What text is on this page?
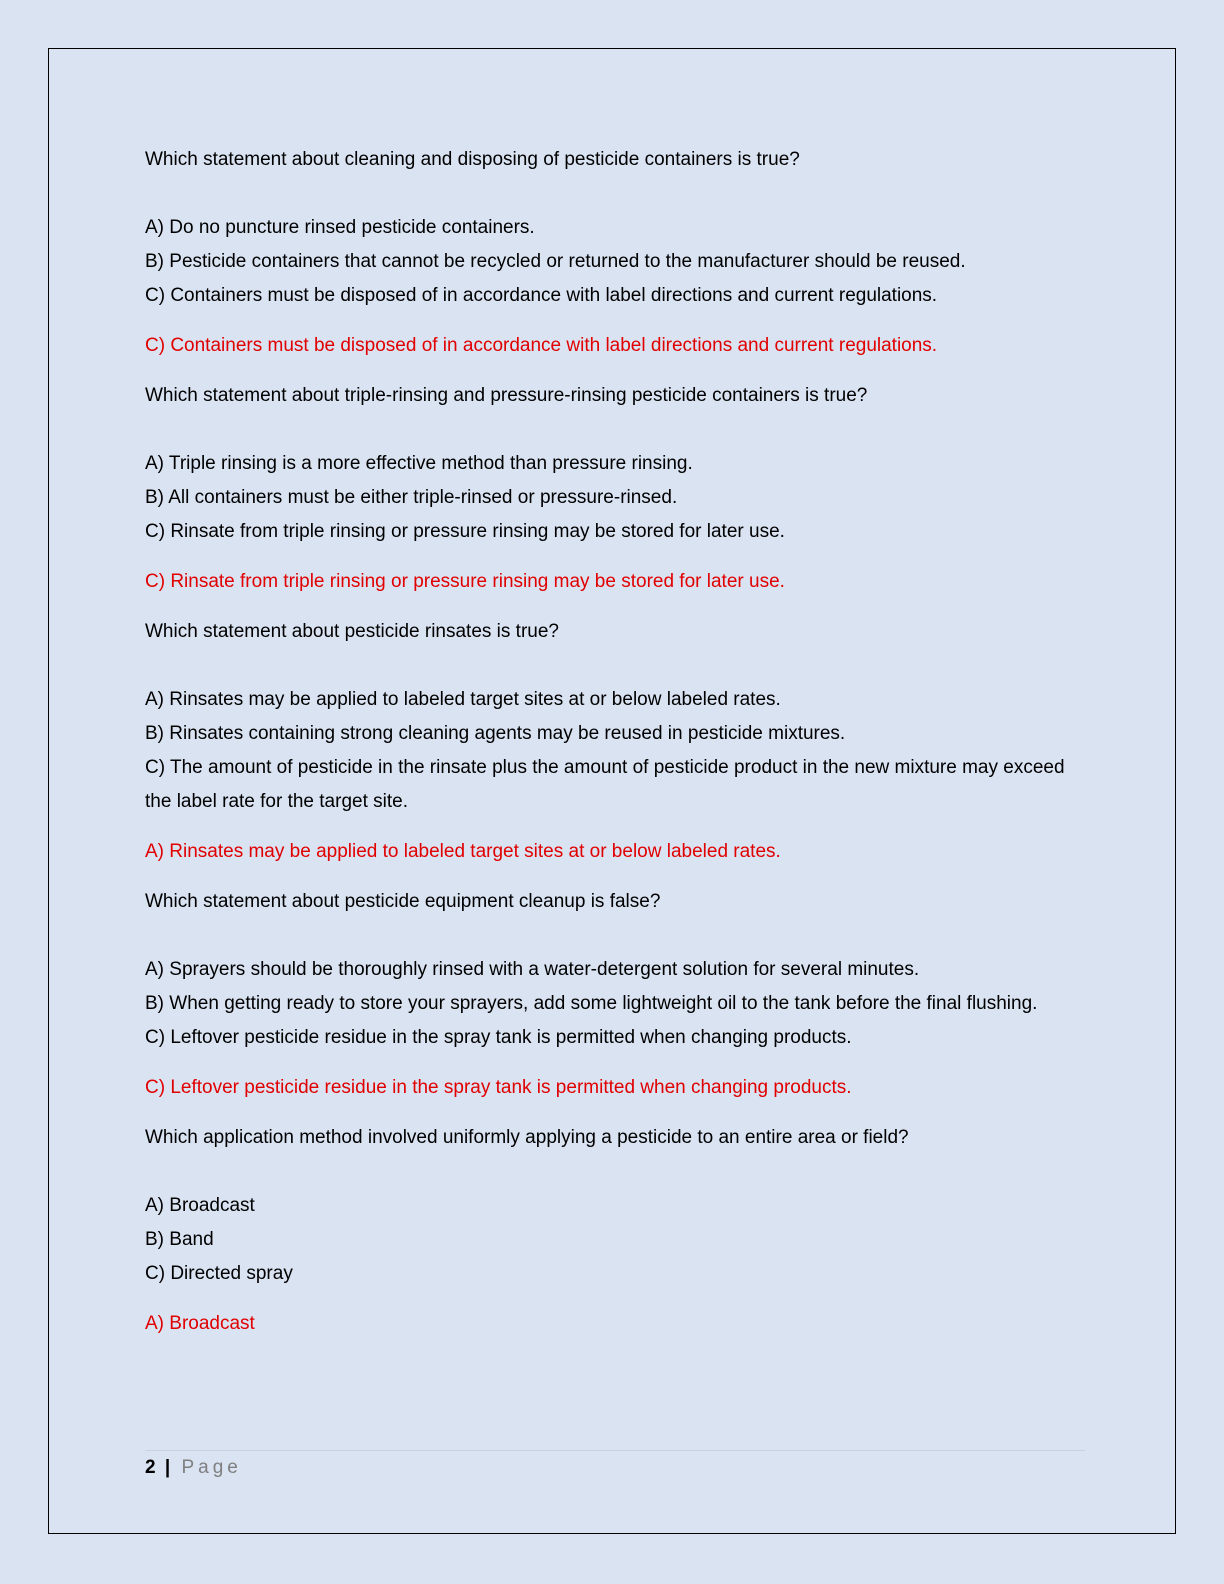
Which statement about cleaning and disposing of pesticide containers is true?

A) Do no puncture rinsed pesticide containers.

B) Pesticide containers that cannot be recycled or returned to the manufacturer should be reused.

C) Containers must be disposed of in accordance with label directions and current regulations.

C) Containers must be disposed of in accordance with label directions and current regulations.

Which statement about triple-rinsing and pressure-rinsing pesticide containers is true?

A) Triple rinsing is a more effective method than pressure rinsing.

B) All containers must be either triple-rinsed or pressure-rinsed.

C) Rinsate from triple rinsing or pressure rinsing may be stored for later use.

C) Rinsate from triple rinsing or pressure rinsing may be stored for later use.

Which statement about pesticide rinsates is true?

A) Rinsates may be applied to labeled target sites at or below labeled rates.

B) Rinsates containing strong cleaning agents may be reused in pesticide mixtures.

C) The amount of pesticide in the rinsate plus the amount of pesticide product in the new mixture may exceed the label rate for the target site.

A) Rinsates may be applied to labeled target sites at or below labeled rates.

Which statement about pesticide equipment cleanup is false?

A) Sprayers should be thoroughly rinsed with a water-detergent solution for several minutes.

B) When getting ready to store your sprayers, add some lightweight oil to the tank before the final flushing.

C) Leftover pesticide residue in the spray tank is permitted when changing products.

C) Leftover pesticide residue in the spray tank is permitted when changing products.

Which application method involved uniformly applying a pesticide to an entire area or field?

A) Broadcast

B) Band

C) Directed spray

A) Broadcast

2 | Page
